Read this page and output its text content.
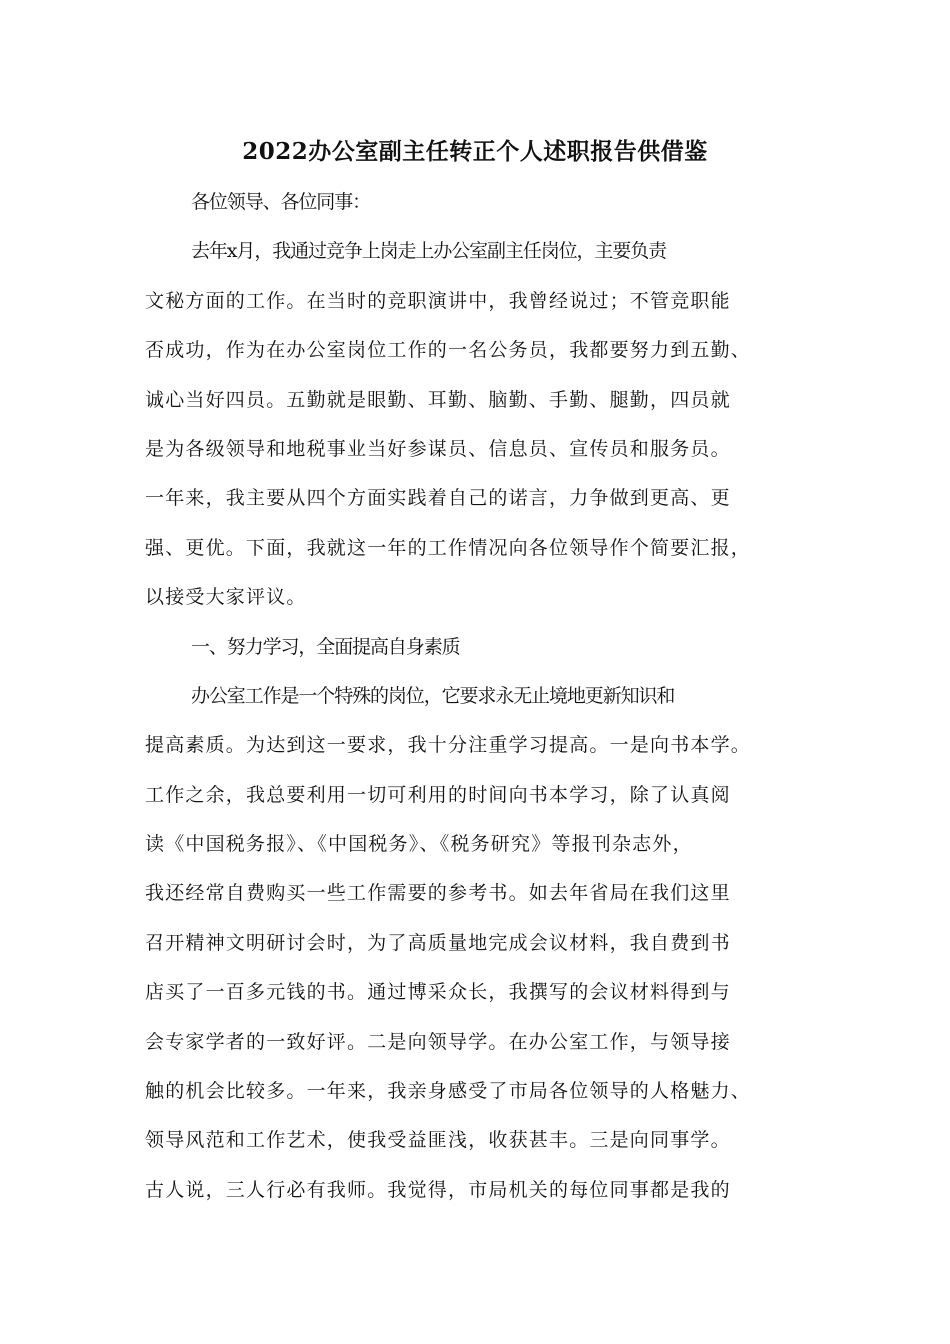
2022办公室副主任转正个人述职报告供借鉴
各位领导、各位同事：
去年x月，我通过竞争上岗走上办公室副主任岗位，主要负责
文秘方面的工作。在当时的竞职演讲中，我曾经说过；不管竞职能
否成功，作为在办公室岗位工作的一名公务员，我都要努力到五勤、
诚心当好四员。五勤就是眼勤、耳勤、脑勤、手勤、腿勤，四员就
是为各级领导和地税事业当好参谋员、信息员、宣传员和服务员。
一年来，我主要从四个方面实践着自己的诺言，力争做到更高、更
强、更优。下面，我就这一年的工作情况向各位领导作个简要汇报，
以接受大家评议。
一、努力学习，全面提高自身素质
办公室工作是一个特殊的岗位，它要求永无止境地更新知识和
提高素质。为达到这一要求，我十分注重学习提高。一是向书本学。
工作之余，我总要利用一切可利用的时间向书本学习，除了认真阅
读《中国税务报》、《中国税务》、《税务研究》等报刊杂志外，
我还经常自费购买一些工作需要的参考书。如去年省局在我们这里
召开精神文明研讨会时，为了高质量地完成会议材料，我自费到书
店买了一百多元钱的书。通过博采众长，我撰写的会议材料得到与
会专家学者的一致好评。二是向领导学。在办公室工作，与领导接
触的机会比较多。一年来，我亲身感受了市局各位领导的人格魅力、
领导风范和工作艺术，使我受益匪浅，收获甚丰。三是向同事学。
古人说，三人行必有我师。我觉得，市局机关的每位同事都是我的
